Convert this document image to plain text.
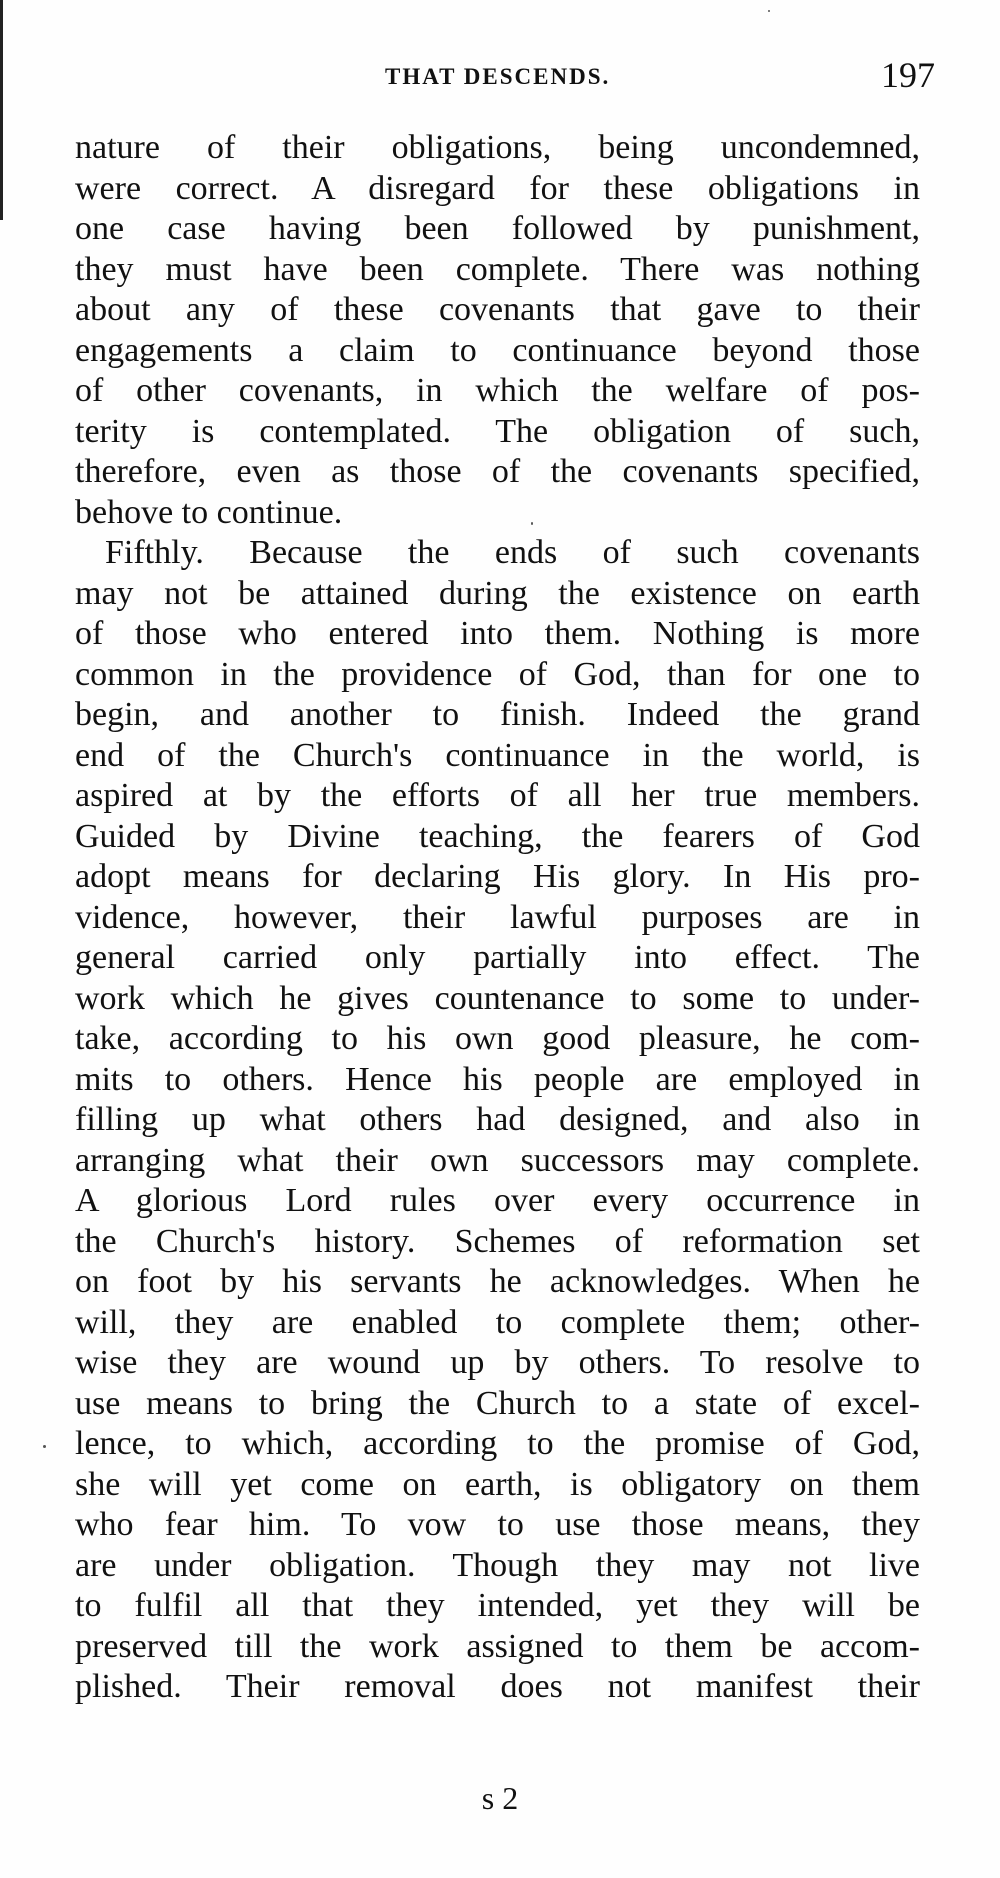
THAT DESCENDS.	197
nature of their obligations, being uncondemned,
were correct. A disregard for these obligations in
one case having been followed by punishment,
they must have been complete. There was nothing
about any of these covenants that gave to their
engagements a claim to continuance beyond those
of other covenants, in which the welfare of pos-
terity is contemplated. The obligation of such,
therefore, even as those of the covenants specified,
behove to continue.
Fifthly. Because the ends of such covenants
may not be attained during the existence on earth
of those who entered into them. Nothing is more
common in the providence of God, than for one to
begin, and another to finish. Indeed the grand
end of the Church's continuance in the world, is
aspired at by the efforts of all her true members.
Guided by Divine teaching, the fearers of God
adopt means for declaring His glory. In His pro-
vidence, however, their lawful purposes are in
general carried only partially into effect. The
work which he gives countenance to some to under-
take, according to his own good pleasure, he com-
mits to others. Hence his people are employed in
filling up what others had designed, and also in
arranging what their own successors may complete.
A glorious Lord rules over every occurrence in
the Church's history. Schemes of reformation set
on foot by his servants he acknowledges. When he
will, they are enabled to complete them; other-
wise they are wound up by others. To resolve to
use means to bring the Church to a state of excel-
lence, to which, according to the promise of God,
she will yet come on earth, is obligatory on them
who fear him. To vow to use those means, they
are under obligation. Though they may not live
to fulfil all that they intended, yet they will be
preserved till the work assigned to them be accom-
plished. Their removal does not manifest their
s 2
